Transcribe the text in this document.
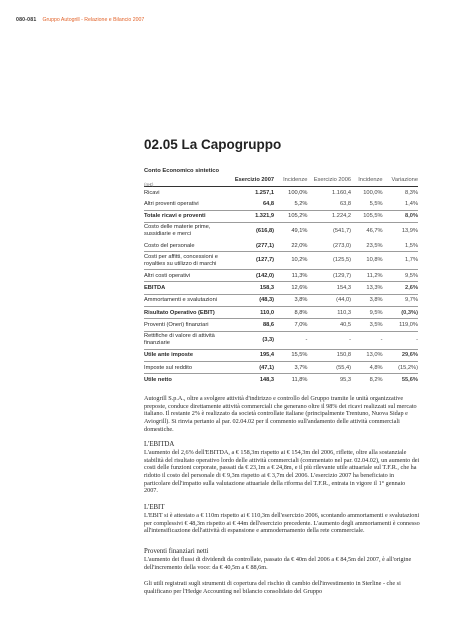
080-081 Gruppo Autogrill - Relazione e Bilancio 2007
02.05 La Capogruppo
Conto Economico sintetico
$_{(m€)}$	Esercizio 2007	Incidenze	Esercizio 2006	Incidenze	Variazione
Ricavi	1.257,1	100,0%	1.160,4	100,0%	8,3%
Altri proventi operativi	64,8	5,2%	63,8	5,5%	1,4%
Totale ricavi e proventi	1.321,9	105,2%	1.224,2	105,5%	8,0%
Costo delle materie prime, sussidiarie e merci	(616,8)	49,1%	(541,7)	46,7%	13,9%
Costo del personale	(277,1)	22,0%	(273,0)	23,5%	1,5%
Costi per affitti, concessioni e royalties su utilizzo di marchi	(127,7)	10,2%	(125,5)	10,8%	1,7%
Altri costi operativi	(142,0)	11,3%	(129,7)	11,2%	9,5%
EBITDA	158,3	12,6%	154,3	13,3%	2,6%
Ammortamenti e svalutazioni	(48,3)	3,8%	(44,0)	3,8%	9,7%
Risultato Operativo (EBIT)	110,0	8,8%	110,3	9,5%	(0,3%)
Proventi (Oneri) finanziari	88,6	7,0%	40,5	3,5%	119,0%
Rettifiche di valore di attività finanziarie	(3,3)	-	-	-	-
Utile ante imposte	195,4	15,5%	150,8	13,0%	29,6%
Imposte sul reddito	(47,1)	3,7%	(55,4)	4,8%	(15,2%)
Utile netto	148,3	11,8%	95,3	8,2%	55,6%
Autogrill S.p.A., oltre a svolgere attività d'indirizzo e controllo del Gruppo tramite le unità organizzative preposte, conduce direttamente attività commerciali che generano oltre il 98% dei ricavi realizzati sul mercato italiano. Il restante 2% è realizzato da società controllate italiane (principalmente Trentuno, Nuova Sidap e Aviogrill). Si rinvia pertanto al par. 02.04.02 per il commento sull'andamento delle attività commerciali domestiche.
L'EBITDA
L'aumento del 2,6% dell'EBITDA, a € 158,3m rispetto ai € 154,3m del 2006, riflette, oltre alla sostanziale stabilità del risultato operativo lordo delle attività commerciali (commentato nel par. 02.04.02), un aumento dei costi delle funzioni corporate, passati da € 23,1m a € 24,8m, e il più rilevante utile attuariale sul T.F.R., che ha ridotto il costo del personale di € 9,3m rispetto ai € 3,7m del 2006. L'esercizio 2007 ha beneficiato in particolare dell'impatto sulla valutazione attuariale della riforma del T.F.R., entrata in vigore il 1° gennaio 2007.
L'EBIT
L'EBIT si è attestato a € 110m rispetto ai € 110,3m dell'esercizio 2006, scontando ammortamenti e svalutazioni per complessivi € 48,3m rispetto ai € 44m dell'esercizio precedente. L'aumento degli ammortamenti è connesso all'intensificazione dell'attività di espansione e ammodernamento della rete commerciale.
Proventi finanziari netti
L'aumento dei flussi di dividendi da controllate, passato da € 40m del 2006 a € 84,5m del 2007, è all'origine dell'incremento della voce: da € 40,5m a € 88,6m.
Gli utili registrati sugli strumenti di copertura del rischio di cambio dell'investimento in Sterline - che si qualificano per l'Hedge Accounting nel bilancio consolidato del Gruppo
